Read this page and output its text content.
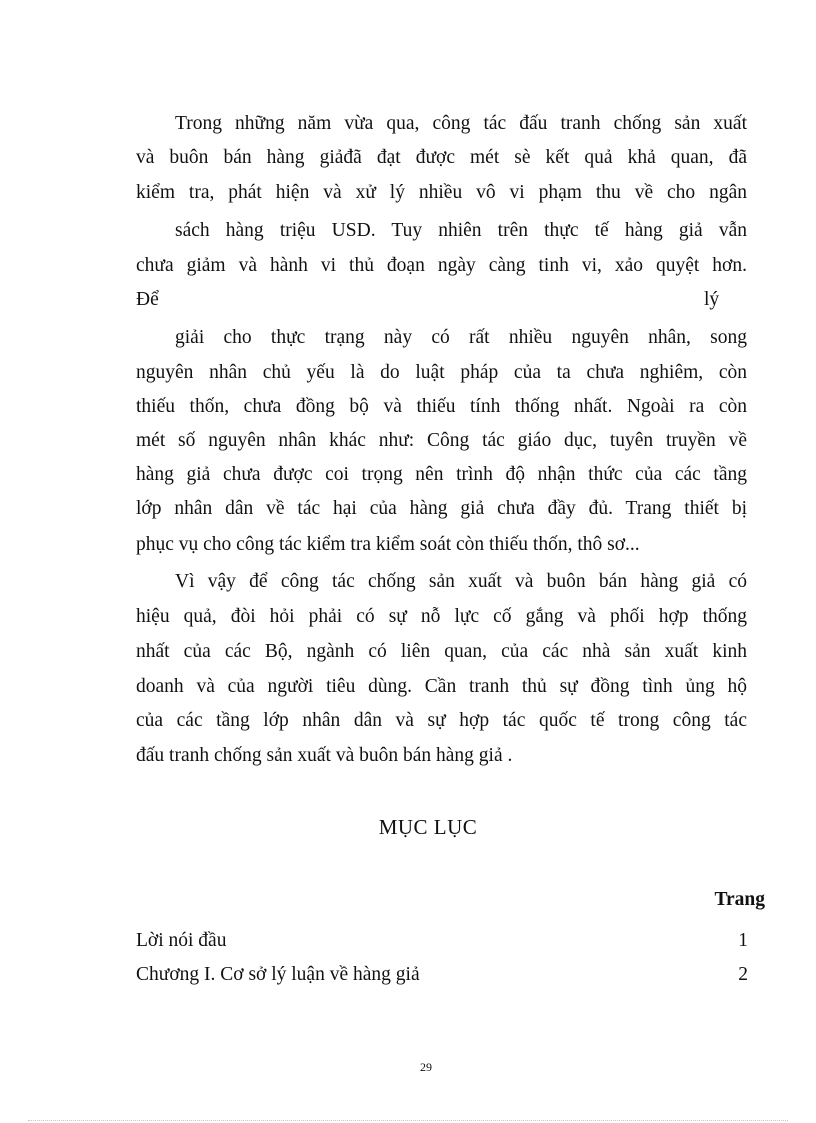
Trong những năm vừa qua, công tác đấu tranh chống sản xuất
và buôn bán hàng giảđã đạt được mét sè kết quả khả quan, đã
kiểm tra, phát hiện và xử lý nhiều vô vi phạm thu về cho ngân
sách hàng triệu USD. Tuy nhiên trên thực tế hàng giả vẫn
chưa giảm và hành vi thủ đoạn ngày càng tinh vi, xảo quyệt hơn.
Để	lý
giải cho thực trạng này có rất nhiều nguyên nhân, song
nguyên nhân chủ yếu là do luật pháp của ta chưa nghiêm, còn
thiếu thốn, chưa đồng bộ và thiếu tính thống nhất. Ngoài ra còn
mét số nguyên nhân khác như: Công tác giáo dục, tuyên truyền về
hàng giả chưa được coi trọng nên trình độ nhận thức của các tầng
lớp nhân dân về tác hại của hàng giả chưa đầy đủ. Trang thiết bị
phục vụ cho công tác kiểm tra kiểm soát còn thiếu thốn, thô sơ...
Vì vậy để công tác chống sản xuất và buôn bán hàng giả có
hiệu quả, đòi hỏi phải có sự nỗ lực cố gắng và phối hợp thống
nhất của các Bộ, ngành có liên quan, của các nhà sản xuất kinh
doanh và của người tiêu dùng. Cần tranh thủ sự đồng tình ủng hộ
của các tầng lớp nhân dân và sự hợp tác quốc tế trong công tác
đấu tranh chống sản xuất và buôn bán hàng giả .
MỤC LỤC
Trang
Lời nói đầu	1
Chương I. Cơ sở lý luận về hàng giả	2
29
